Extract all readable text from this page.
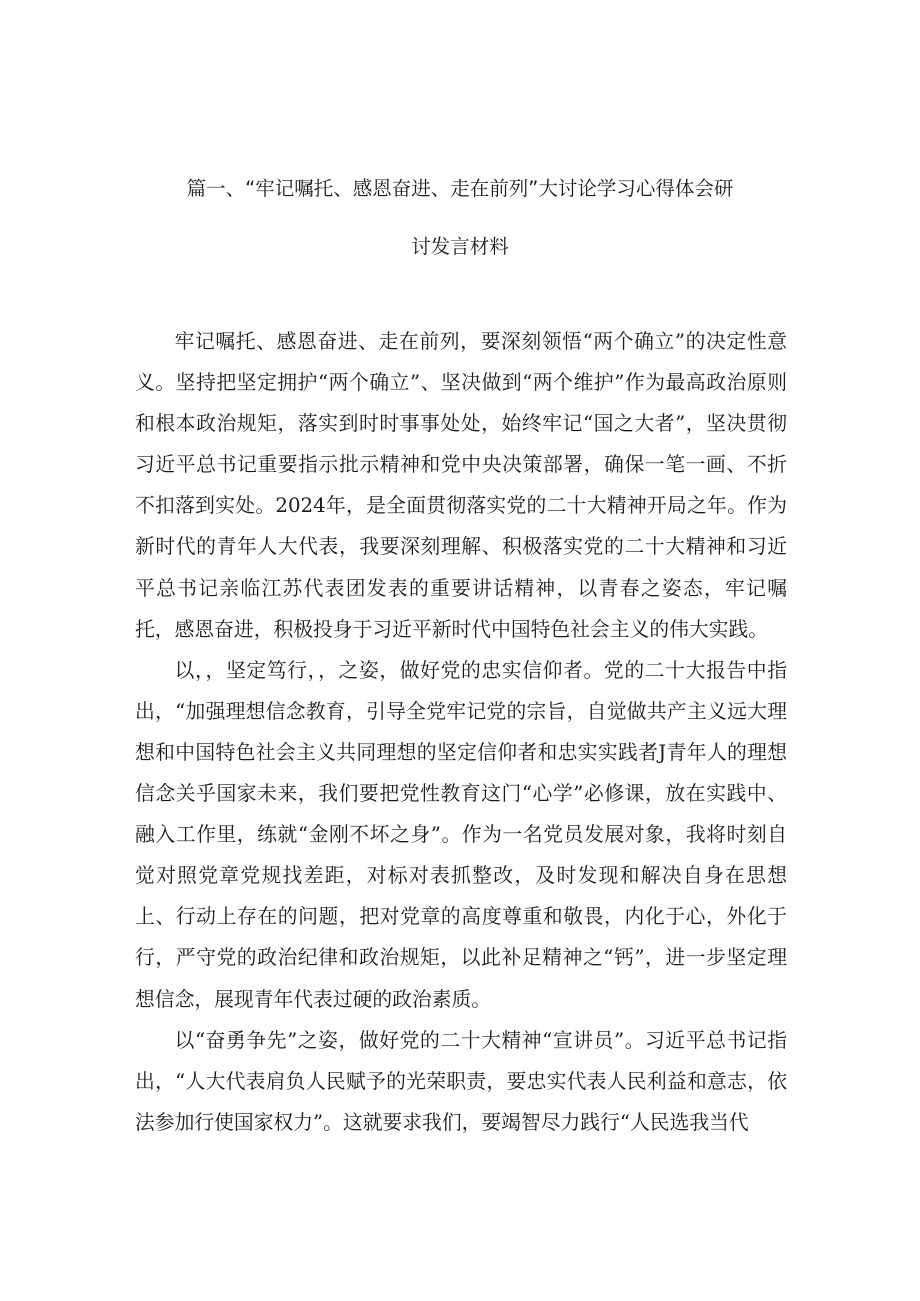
篇一、“牢记嘱托、感恩奋进、走在前列”大讨论学习心得体会研
讨发言材料

牢记嘱托、感恩奋进、走在前列，要深刻领悟“两个确立”的决定性意义。坚持把坚定拥护“两个确立”、坚决做到“两个维护”作为最高政治原则和根本政治规矩，落实到时时事事处处，始终牢记“国之大者”，坚决贯彻习近平总书记重要指示批示精神和党中央决策部署，确保一笔一画、不折不扣落到实处。2024年，是全面贯彻落实党的二十大精神开局之年。作为新时代的青年人大代表，我要深刻理解、积极落实党的二十大精神和习近平总书记亲临江苏代表团发表的重要讲话精神，以青春之姿态，牢记嘱托，感恩奋进，积极投身于习近平新时代中国特色社会主义的伟大实践。

以，，坚定笃行，，之姿，做好党的忠实信仰者。党的二十大报告中指出，“加强理想信念教育，引导全党牢记党的宗旨，自觉做共产主义远大理想和中国特色社会主义共同理想的坚定信仰者和忠实实践者J青年人的理想信念关乎国家未来，我们要把党性教育这门“心学”必修课，放在实践中、融入工作里，练就“金刚不坏之身”。作为一名党员发展对象，我将时刻自觉对照党章党规找差距，对标对表抓整改，及时发现和解决自身在思想上、行动上存在的问题，把对党章的高度尊重和敬畏，内化于心，外化于行，严守党的政治纪律和政治规矩，以此补足精神之“钙”，进一步坚定理想信念，展现青年代表过硬的政治素质。

以“奋勇争先”之姿，做好党的二十大精神“宣讲员”。习近平总书记指出，“人大代表肩负人民赋予的光荣职责，要忠实代表人民利益和意志，依法参加行使国家权力”。这就要求我们，要竭智尽力践行“人民选我当代
